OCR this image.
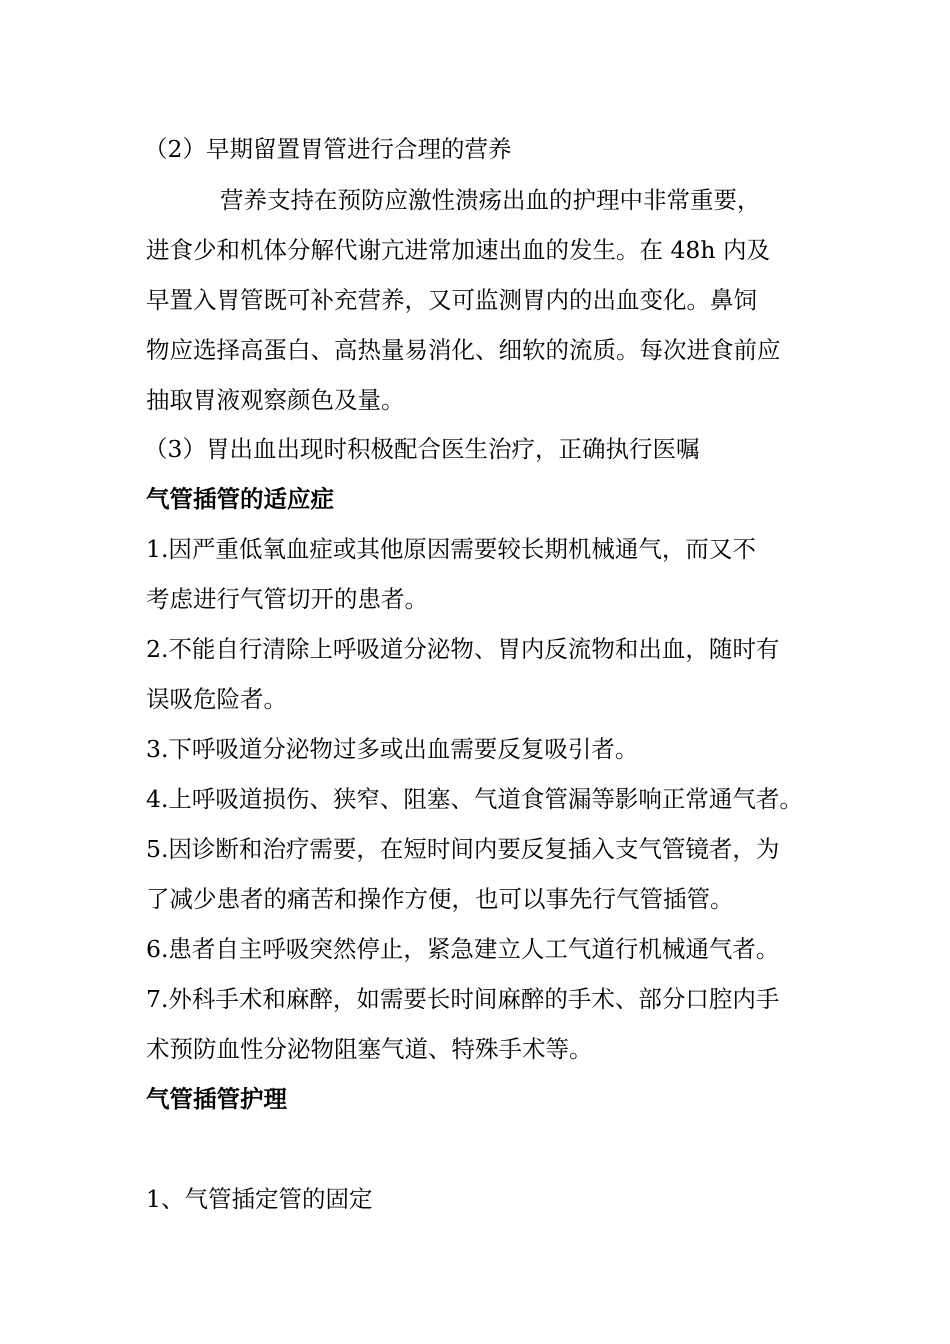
（2）早期留置胃管进行合理的营养
营养支持在预防应激性溃疡出血的护理中非常重要，
进食少和机体分解代谢亢进常加速出血的发生。在 48h 内及
早置入胃管既可补充营养，又可监测胃内的出血变化。鼻饲
物应选择高蛋白、高热量易消化、细软的流质。每次进食前应
抽取胃液观察颜色及量。
（3）胃出血出现时积极配合医生治疗，正确执行医嘱
气管插管的适应症
1.因严重低氧血症或其他原因需要较长期机械通气，而又不
考虑进行气管切开的患者。
2.不能自行清除上呼吸道分泌物、胃内反流物和出血，随时有
误吸危险者。
3.下呼吸道分泌物过多或出血需要反复吸引者。
4.上呼吸道损伤、狭窄、阻塞、气道食管漏等影响正常通气者。
5.因诊断和治疗需要，在短时间内要反复插入支气管镜者，为
了减少患者的痛苦和操作方便，也可以事先行气管插管。
6.患者自主呼吸突然停止，紧急建立人工气道行机械通气者。
7.外科手术和麻醉，如需要长时间麻醉的手术、部分口腔内手
术预防血性分泌物阻塞气道、特殊手术等。
气管插管护理
1、气管插定管的固定
